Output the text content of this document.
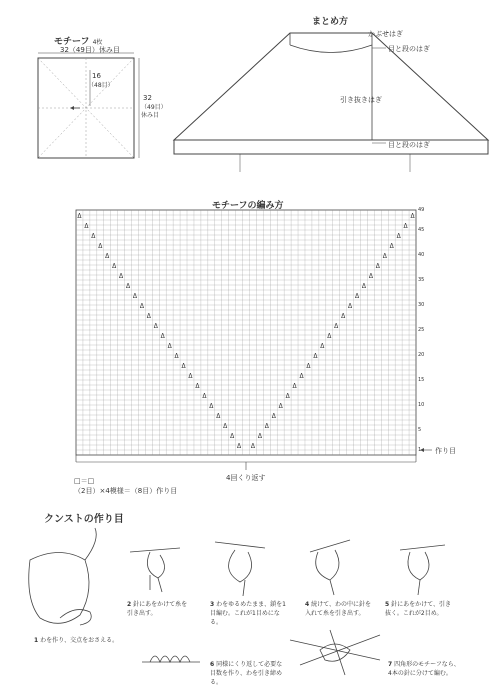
ᐃ	ᐃ
ᐃ	ᐃ
ᐃ	ᐃ
ᐃ	ᐃ
ᐃ	ᐃ
ᐃ	ᐃ
ᐃ	ᐃ
ᐃ	ᐃ
ᐃ	ᐃ
ᐃ	ᐃ
ᐃ	ᐃ
ᐃ	ᐃ
ᐃ	ᐃ
ᐃ	ᐃ
ᐃ	ᐃ
ᐃ	ᐃ
ᐃ	ᐃ
ᐃ	ᐃ
ᐃ	ᐃ
ᐃ	ᐃ
ᐃ	ᐃ
ᐃ	ᐃ
ᐃ	ᐃ
ᐃ ᐃ
モチーフ 4枚
32（49目）休み目
16
（48目）
32
（49目）
休み目
まとめ方
かぶせはぎ
目と段のはぎ
引き抜きはぎ
目と段のはぎ
モチーフの編み方	49
45
40
35
30
25
20
15
10
5
1
4回くり返す
作り目
□＝□
（2目）×4模様＝（8目）作り目
クンストの作り目
1 わを作り、交点をおさえる。
2 針にあをかけて糸を引き出す。
3 わをゆるめたまま、鎖を1目編む。これが1目めになる。
4 続けて、わの中に針を入れて糸を引き出す。
5 針にあをかけて、引き抜く。これが2目め。
6 同様にくり返して必要な目数を作り、わを引き締める。
7 四角形のモチーフなら、4本の針に分けて編む。
